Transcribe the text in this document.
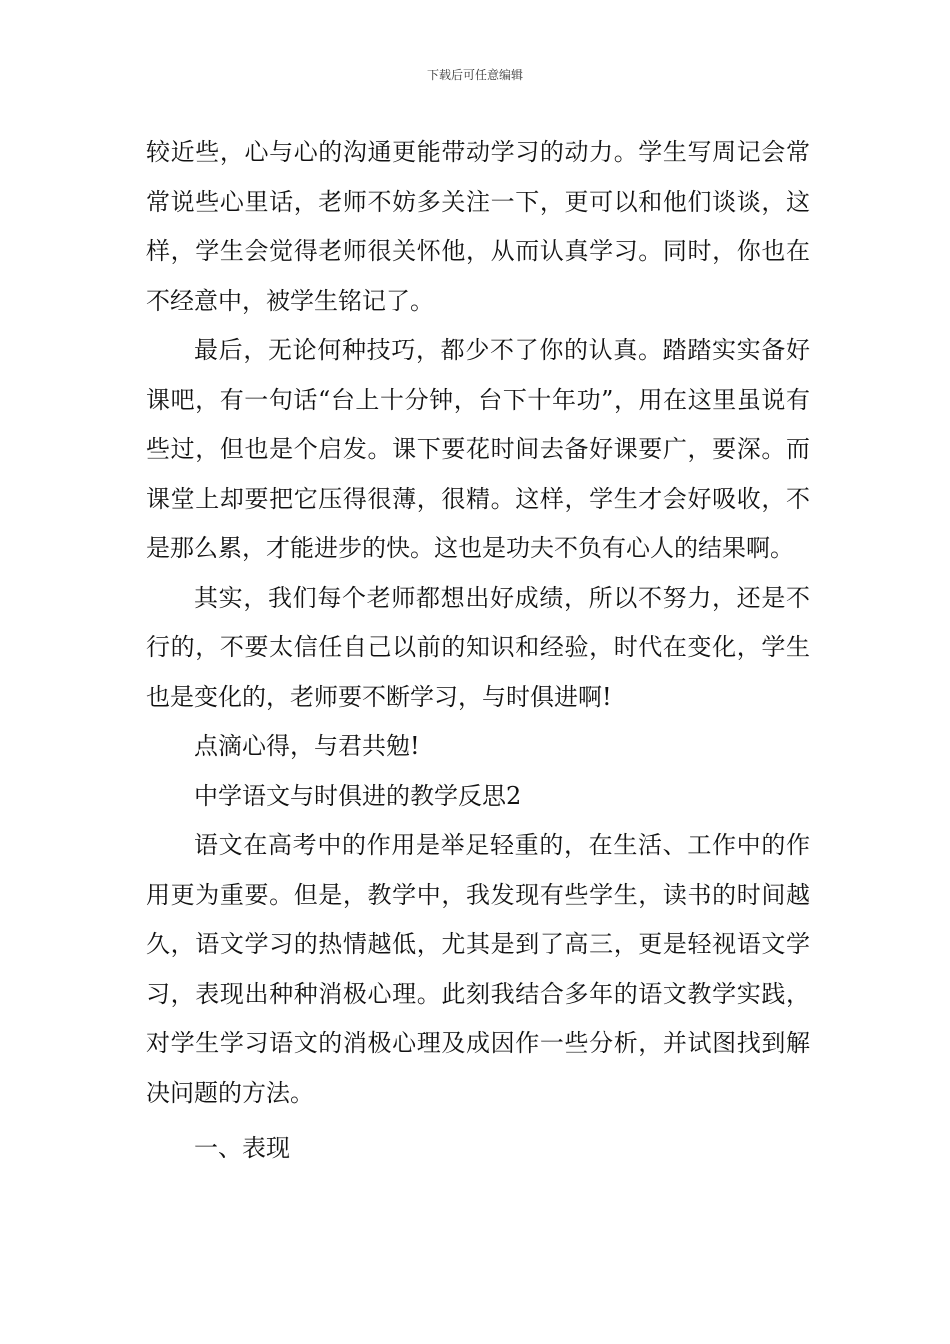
下载后可任意编辑

较近些，心与心的沟通更能带动学习的动力。学生写周记会常常说些心里话，老师不妨多关注一下，更可以和他们谈谈，这样，学生会觉得老师很关怀他，从而认真学习。同时，你也在不经意中，被学生铭记了。

最后，无论何种技巧，都少不了你的认真。踏踏实实备好课吧，有一句话“台上十分钟，台下十年功”，用在这里虽说有些过，但也是个启发。课下要花时间去备好课要广，要深。而课堂上却要把它压得很薄，很精。这样，学生才会好吸收，不是那么累，才能进步的快。这也是功夫不负有心人的结果啊。

其实，我们每个老师都想出好成绩，所以不努力，还是不行的，不要太信任自己以前的知识和经验，时代在变化，学生也是变化的，老师要不断学习，与时俱进啊!

点滴心得，与君共勉!

中学语文与时俱进的教学反思2

语文在高考中的作用是举足轻重的，在生活、工作中的作用更为重要。但是，教学中，我发现有些学生，读书的时间越久，语文学习的热情越低，尤其是到了高三，更是轻视语文学习，表现出种种消极心理。此刻我结合多年的语文教学实践，对学生学习语文的消极心理及成因作一些分析，并试图找到解决问题的方法。

一、表现
